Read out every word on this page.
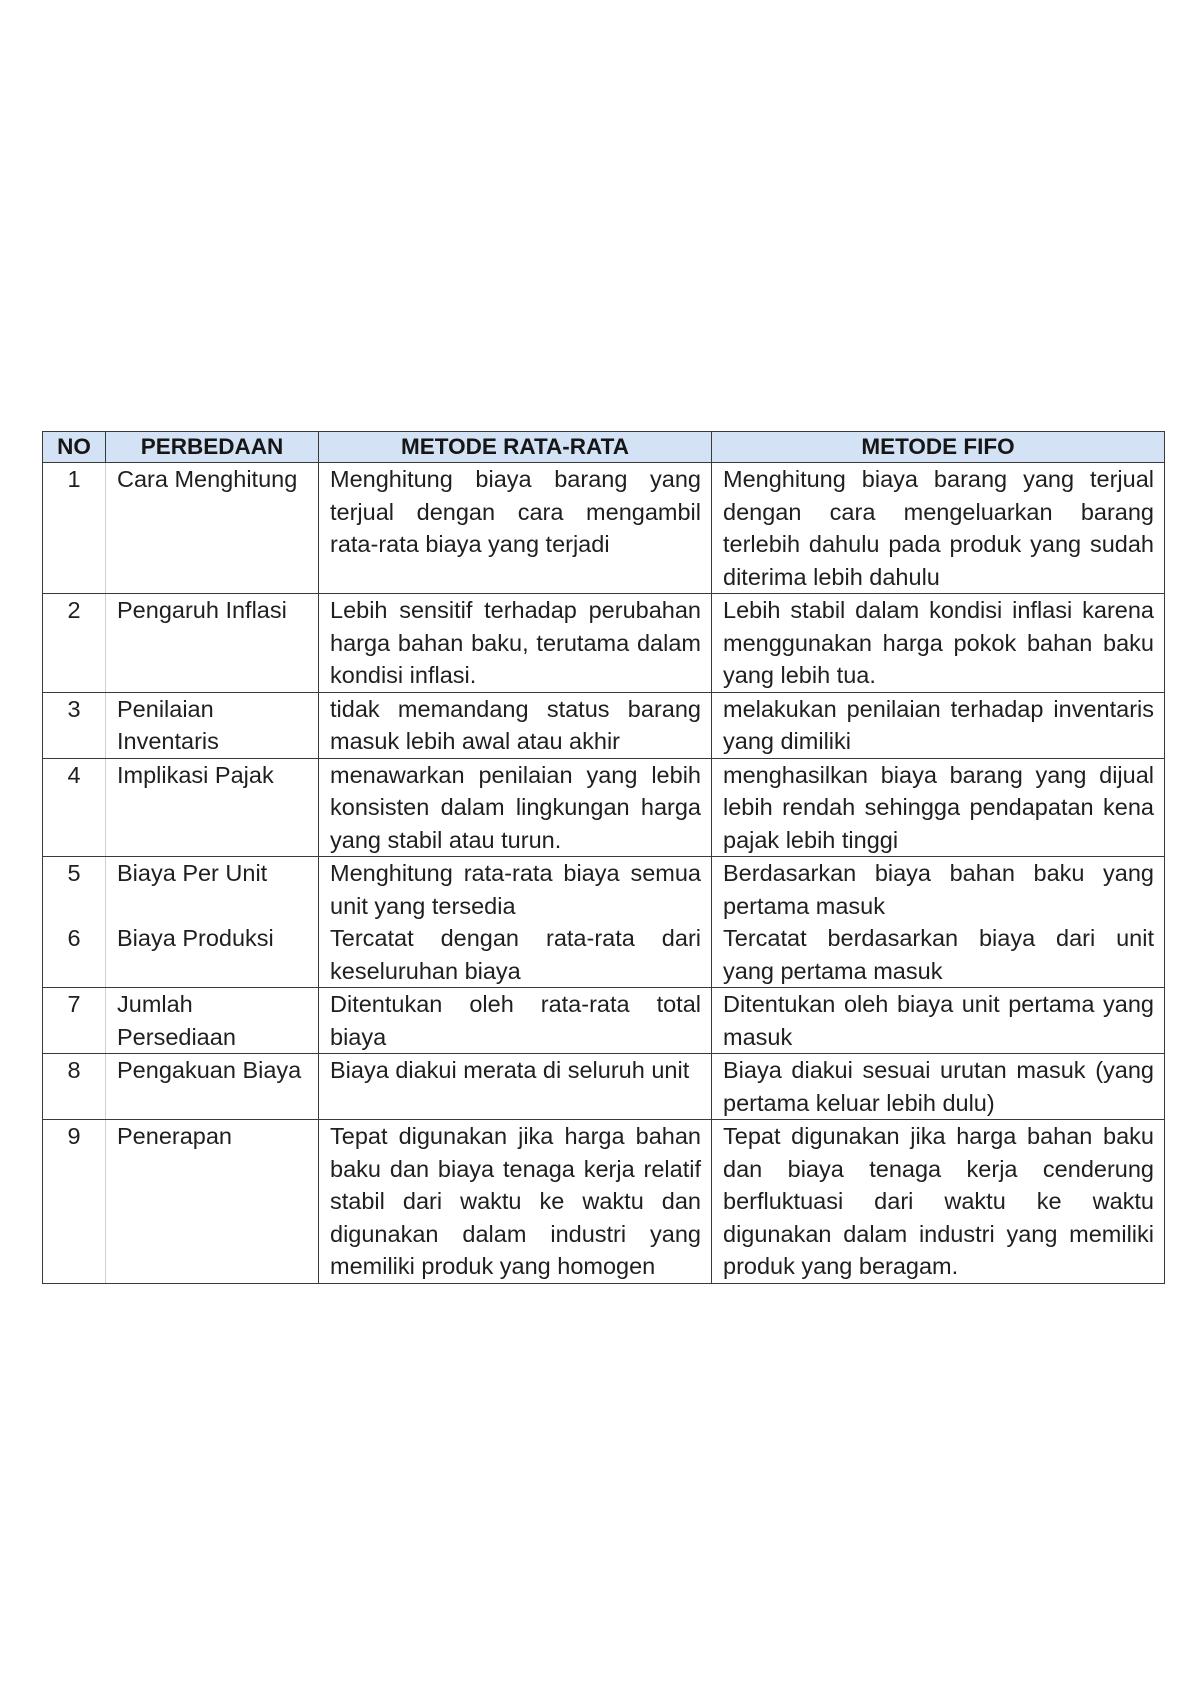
NO	PERBEDAAN	METODE RATA-RATA	METODE FIFO
1	Cara Menghitung	Menghitung biaya barang yang terjual dengan cara mengambil rata-rata biaya yang terjadi	Menghitung biaya barang yang terjual dengan cara mengeluarkan barang terlebih dahulu pada produk yang sudah diterima lebih dahulu
2	Pengaruh Inflasi	Lebih sensitif terhadap perubahan harga bahan baku, terutama dalam kondisi inflasi.	Lebih stabil dalam kondisi inflasi karena menggunakan harga pokok bahan baku yang lebih tua.
3	Penilaian Inventaris	tidak memandang status barang masuk lebih awal atau akhir	melakukan penilaian terhadap inventaris yang dimiliki
4	Implikasi Pajak	menawarkan penilaian yang lebih konsisten dalam lingkungan harga yang stabil atau turun.	menghasilkan biaya barang yang dijual lebih rendah sehingga pendapatan kena pajak lebih tinggi
5	Biaya Per Unit	Menghitung rata-rata biaya semua unit yang tersedia	Berdasarkan biaya bahan baku yang pertama masuk
6	Biaya Produksi	Tercatat dengan rata-rata dari keseluruhan biaya	Tercatat berdasarkan biaya dari unit yang pertama masuk
7	Jumlah Persediaan	Ditentukan oleh rata-rata total biaya	Ditentukan oleh biaya unit pertama yang masuk
8	Pengakuan Biaya	Biaya diakui merata di seluruh unit	Biaya diakui sesuai urutan masuk (yang pertama keluar lebih dulu)
9	Penerapan	Tepat digunakan jika harga bahan baku dan biaya tenaga kerja relatif stabil dari waktu ke waktu dan digunakan dalam industri yang memiliki produk yang homogen	Tepat digunakan jika harga bahan baku dan biaya tenaga kerja cenderung berfluktuasi dari waktu ke waktu digunakan dalam industri yang memiliki produk yang beragam.
